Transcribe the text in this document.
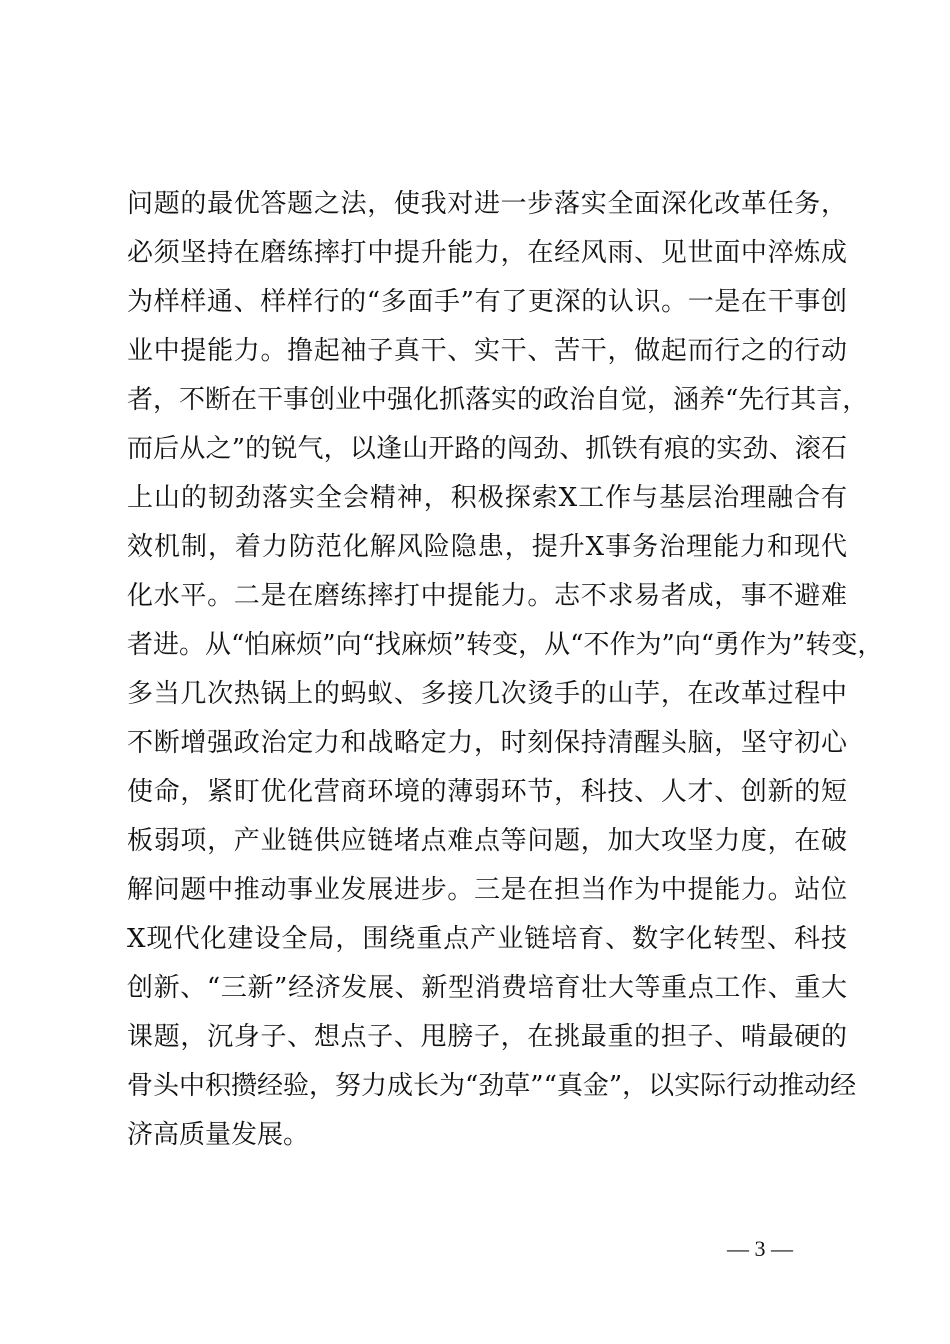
问题的最优答题之法，使我对进一步落实全面深化改革任务，
必须坚持在磨练摔打中提升能力，在经风雨、见世面中淬炼成
为样样通、样样行的“多面手”有了更深的认识。一是在干事创
业中提能力。撸起袖子真干、实干、苦干，做起而行之的行动
者，不断在干事创业中强化抓落实的政治自觉，涵养“先行其言，
而后从之”的锐气，以逢山开路的闯劲、抓铁有痕的实劲、滚石
上山的韧劲落实全会精神，积极探索X工作与基层治理融合有
效机制，着力防范化解风险隐患，提升X事务治理能力和现代
化水平。二是在磨练摔打中提能力。志不求易者成，事不避难
者进。从“怕麻烦”向“找麻烦”转变，从“不作为”向“勇作为”转变，
多当几次热锅上的蚂蚁、多接几次烫手的山芋，在改革过程中
不断增强政治定力和战略定力，时刻保持清醒头脑，坚守初心
使命，紧盯优化营商环境的薄弱环节，科技、人才、创新的短
板弱项，产业链供应链堵点难点等问题，加大攻坚力度，在破
解问题中推动事业发展进步。三是在担当作为中提能力。站位
X现代化建设全局，围绕重点产业链培育、数字化转型、科技
创新、“三新”经济发展、新型消费培育壮大等重点工作、重大
课题，沉身子、想点子、甩膀子，在挑最重的担子、啃最硬的
骨头中积攒经验，努力成长为“劲草”“真金”，以实际行动推动经
济高质量发展。
— 3 —
